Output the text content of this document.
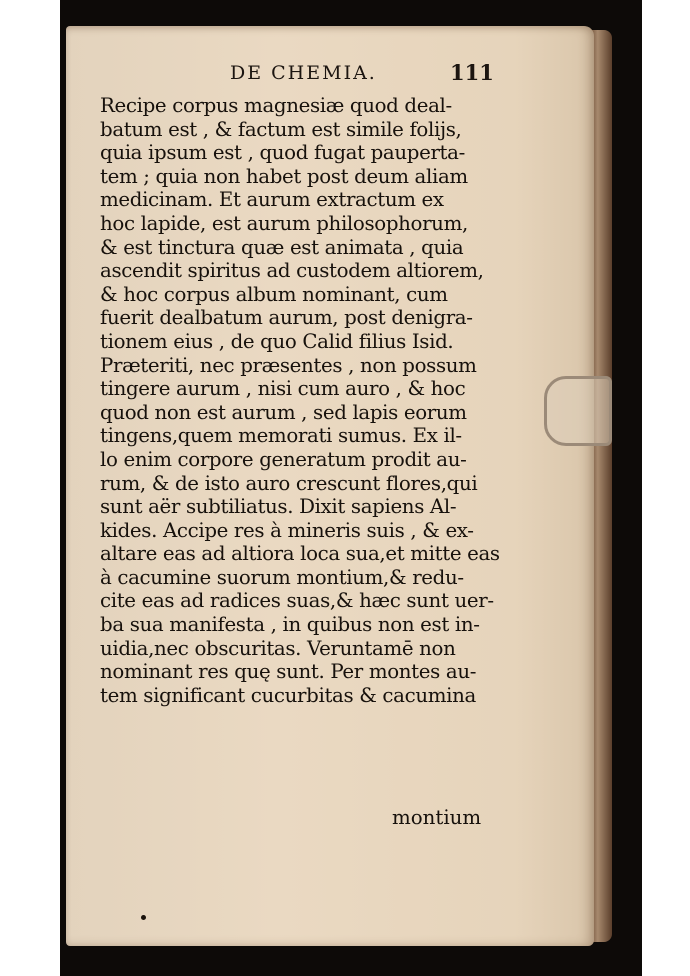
DE CHEMIA.	111
Recipe corpus magnesiæ quod deal-
batum est , & factum est simile folijs,
quia ipsum est , quod fugat pauperta-
tem ; quia non habet post deum aliam
medicinam. Et aurum extractum ex
hoc lapide, est aurum philosophorum,
& est tinctura quæ est animata , quia
ascendit spiritus ad custodem altiorem,
& hoc corpus album nominant, cum
fuerit dealbatum aurum, post denigra-
tionem eius , de quo Calid filius Isid.
Præteriti, nec præsentes , non possum
tingere aurum , nisi cum auro , & hoc
quod non est aurum , sed lapis eorum
tingens,quem memorati sumus. Ex il-
lo enim corpore generatum prodit au-
rum, & de isto auro crescunt flores,qui
sunt aër subtiliatus. Dixit sapiens Al-
kides. Accipe res à mineris suis , & ex-
altare eas ad altiora loca sua,et mitte eas
à cacumine suorum montium,& redu-
cite eas ad radices suas,& hæc sunt uer-
ba sua manifesta , in quibus non est in-
uidia,nec obscuritas. Veruntamē non
nominant res quę sunt. Per montes au-
tem significant cucurbitas & cacumina
montium
